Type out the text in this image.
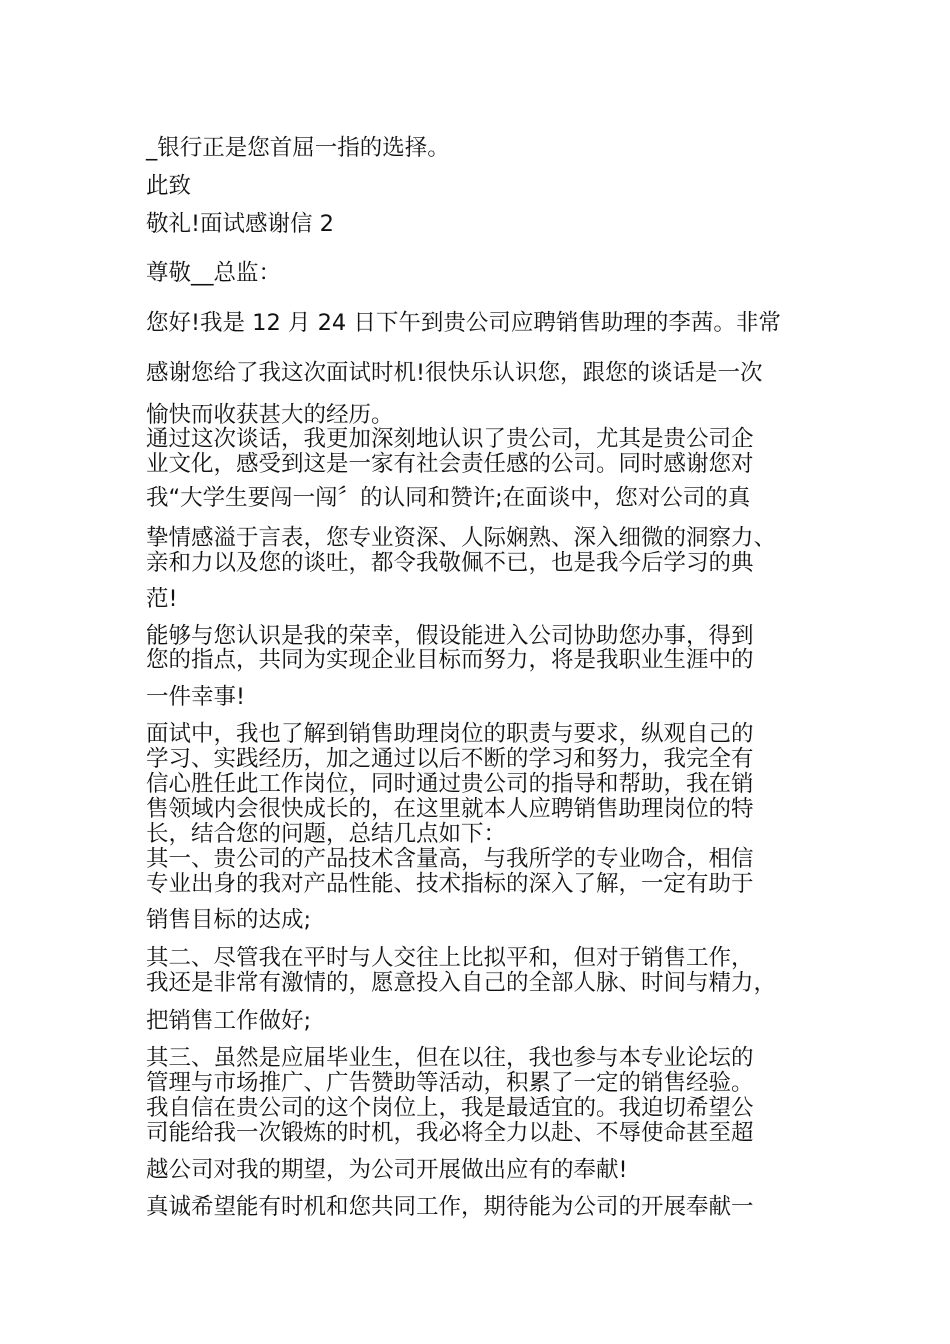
_银行正是您首屈一指的选择。

此致

敬礼!面试感谢信 2

尊敬__总监：

您好!我是 12 月 24 日下午到贵公司应聘销售助理的李茜。非常

感谢您给了我这次面试时机!很快乐认识您，跟您的谈话是一次

愉快而收获甚大的经历。

通过这次谈话，我更加深刻地认识了贵公司，尤其是贵公司企

业文化，感受到这是一家有社会责任感的公司。同时感谢您对

我“大学生要闯一闯〞的认同和赞许;在面谈中，您对公司的真

挚情感溢于言表，您专业资深、人际娴熟、深入细微的洞察力、

亲和力以及您的谈吐，都令我敬佩不已，也是我今后学习的典

范!

能够与您认识是我的荣幸，假设能进入公司协助您办事，得到

您的指点，共同为实现企业目标而努力，将是我职业生涯中的

一件幸事!

面试中，我也了解到销售助理岗位的职责与要求，纵观自己的

学习、实践经历，加之通过以后不断的学习和努力，我完全有

信心胜任此工作岗位，同时通过贵公司的指导和帮助，我在销

售领域内会很快成长的，在这里就本人应聘销售助理岗位的特

长，结合您的问题，总结几点如下：

其一、贵公司的产品技术含量高，与我所学的专业吻合，相信

专业出身的我对产品性能、技术指标的深入了解，一定有助于

销售目标的达成;

其二、尽管我在平时与人交往上比拟平和，但对于销售工作，

我还是非常有激情的，愿意投入自己的全部人脉、时间与精力，

把销售工作做好;

其三、虽然是应届毕业生，但在以往，我也参与本专业论坛的

管理与市场推广、广告赞助等活动，积累了一定的销售经验。

我自信在贵公司的这个岗位上，我是最适宜的。我迫切希望公

司能给我一次锻炼的时机，我必将全力以赴、不辱使命甚至超

越公司对我的期望，为公司开展做出应有的奉献!

真诚希望能有时机和您共同工作，期待能为公司的开展奉献一
